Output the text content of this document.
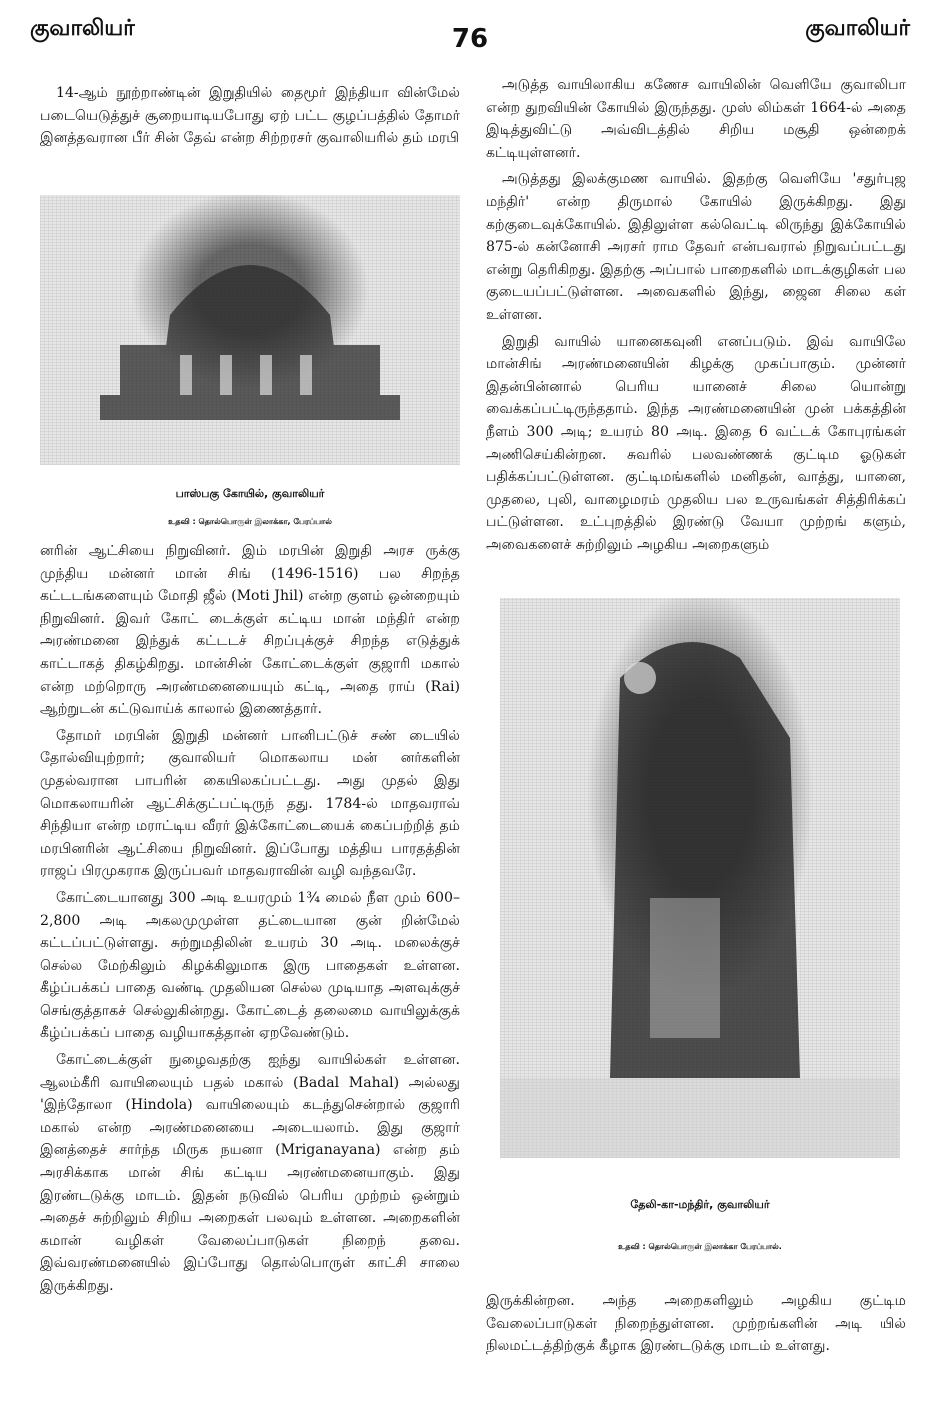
குவாலியர்	76	குவாலியர்

14-ஆம் நூற்றாண்டின் இறுதியில் தைமூர் இந்தியா வின்மேல் படையெடுத்துச் சூறையாடியபோது ஏற் பட்ட குழப்பத்தில் தோமர் இனத்தவரான பீர் சின் தேவ் என்ற சிற்றரசர் குவாலியரில் தம் மரபி

பாஸ்பகு கோயில், குவாலியர்
உதவி : தொல்பொருள் இலாக்கா, பேரப்பால்

னரின் ஆட்சியை நிறுவினர். இம் மரபின் இறுதி அரச ருக்கு முந்திய மன்னர் மான் சிங் (1496-1516) பல சிறந்த கட்டடங்களையும் மோதி ஜீல் (Moti Jhil) என்ற குளம் ஒன்றையும் நிறுவினர். இவர் கோட் டைக்குள் கட்டிய மான் மந்திர் என்ற அரண்மனை இந்துக் கட்டடச் சிறப்புக்குச் சிறந்த எடுத்துக் காட்டாகத் திகழ்கிறது. மான்சின் கோட்டைக்குள் குஜாரி மகால் என்ற மற்றொரு அரண்மனையையும் கட்டி, அதை ராய் (Rai) ஆற்றுடன் கட்டுவாய்க் காலால் இணைத்தார்.

தோமர் மரபின் இறுதி மன்னர் பானிபட்டுச் சண் டையில் தோல்வியுற்றார்; குவாலியர் மொகலாய மன் னர்களின் முதல்வரான பாபரின் கையிலகப்பட்டது. அது முதல் இது மொகலாயரின் ஆட்சிக்குட்பட்டிருந் தது. 1784-ல் மாதவராவ் சிந்தியா என்ற மராட்டிய வீரர் இக்கோட்டையைக் கைப்பற்றித் தம் மரபினரின் ஆட்சியை நிறுவினர். இப்போது மத்திய பாரதத்தின் ராஜப் பிரமுகராக இருப்பவர் மாதவராவின் வழி வந்தவரே.

கோட்டையானது 300 அடி உயரமும் 1¾ மைல் நீள மும் 600–2,800 அடி அகலமுமுள்ள தட்டையான குன் றின்மேல் கட்டப்பட்டுள்ளது. சுற்றுமதிலின் உயரம் 30 அடி. மலைக்குச் செல்ல மேற்கிலும் கிழக்கிலுமாக இரு பாதைகள் உள்ளன. கீழ்ப்பக்கப் பாதை வண்டி முதலியன செல்ல முடியாத அளவுக்குச் செங்குத்தாகச் செல்லுகின்றது. கோட்டைத் தலைமை வாயிலுக்குக் கீழ்ப்பக்கப் பாதை வழியாகத்தான் ஏறவேண்டும்.

கோட்டைக்குள் நுழைவதற்கு ஐந்து வாயில்கள் உள்ளன. ஆலம்கீரி வாயிலையும் பதல் மகால் (Badal Mahal) அல்லது 'இந்தோலா (Hindola) வாயிலையும் கடந்துசென்றால் குஜாரி மகால் என்ற அரண்மனையை அடையலாம். இது குஜார் இனத்தைச் சார்ந்த மிருக நயனா (Mriganayana) என்ற தம் அரசிக்காக மான் சிங் கட்டிய அரண்மனையாகும். இது இரண்டடுக்கு மாடம். இதன் நடுவில் பெரிய முற்றம் ஒன்றும் அதைச் சுற்றிலும் சிறிய அறைகள் பலவும் உள்ளன. அறைகளின் கமான் வழிகள் வேலைப்பாடுகள் நிறைந் தவை. இவ்வரண்மனையில் இப்போது தொல்பொருள் காட்சி சாலை இருக்கிறது.

அடுத்த வாயிலாகிய கணேச வாயிலின் வெளியே குவாலிபா என்ற துறவியின் கோயில் இருந்தது. முஸ் லிம்கள் 1664-ல் அதை இடித்துவிட்டு அவ்விடத்தில் சிறிய மசூதி ஒன்றைக் கட்டியுள்ளனர்.

அடுத்தது இலக்குமண வாயில். இதற்கு வெளியே 'சதுர்புஜ மந்திர்' என்ற திருமால் கோயில் இருக்கிறது. இது கற்குடைவுக்கோயில். இதிலுள்ள கல்வெட்டி லிருந்து இக்கோயில் 875-ல் கன்னோசி அரசர் ராம தேவர் என்பவரால் நிறுவப்பட்டது என்று தெரிகிறது. இதற்கு அப்பால் பாறைகளில் மாடக்குழிகள் பல குடையப்பட்டுள்ளன. அவைகளில் இந்து, ஜைன சிலை கள் உள்ளன.

இறுதி வாயில் யானைகவுனி எனப்படும். இவ் வாயிலே மான்சிங் அரண்மனையின் கிழக்கு முகப்பாகும். முன்னர் இதன்பின்னால் பெரிய யானைச் சிலை யொன்று வைக்கப்பட்டிருந்ததாம். இந்த அரண்மனையின் முன் பக்கத்தின் நீளம் 300 அடி; உயரம் 80 அடி. இதை 6 வட்டக் கோபுரங்கள் அணிசெய்கின்றன. சுவரில் பலவண்ணக் குட்டிம ஓடுகள் பதிக்கப்பட்டுள்ளன. குட்டிமங்களில் மனிதன், வாத்து, யானை, முதலை, புலி, வாழைமரம் முதலிய பல உருவங்கள் சித்திரிக்கப் பட்டுள்ளன. உட்புறத்தில் இரண்டு வேயா முற்றங் களும், அவைகளைச் சுற்றிலும் அழகிய அறைகளும்

தேலி-கா-மந்திர், குவாலியர்
உதவி : தொல்பொருள் இலாக்கா பேரப்பால்.

இருக்கின்றன. அந்த அறைகளிலும் அழகிய குட்டிம வேலைப்பாடுகள் நிறைந்துள்ளன. முற்றங்களின் அடி யில் நிலமட்டத்திற்குக் கீழாக இரண்டடுக்கு மாடம் உள்ளது.
